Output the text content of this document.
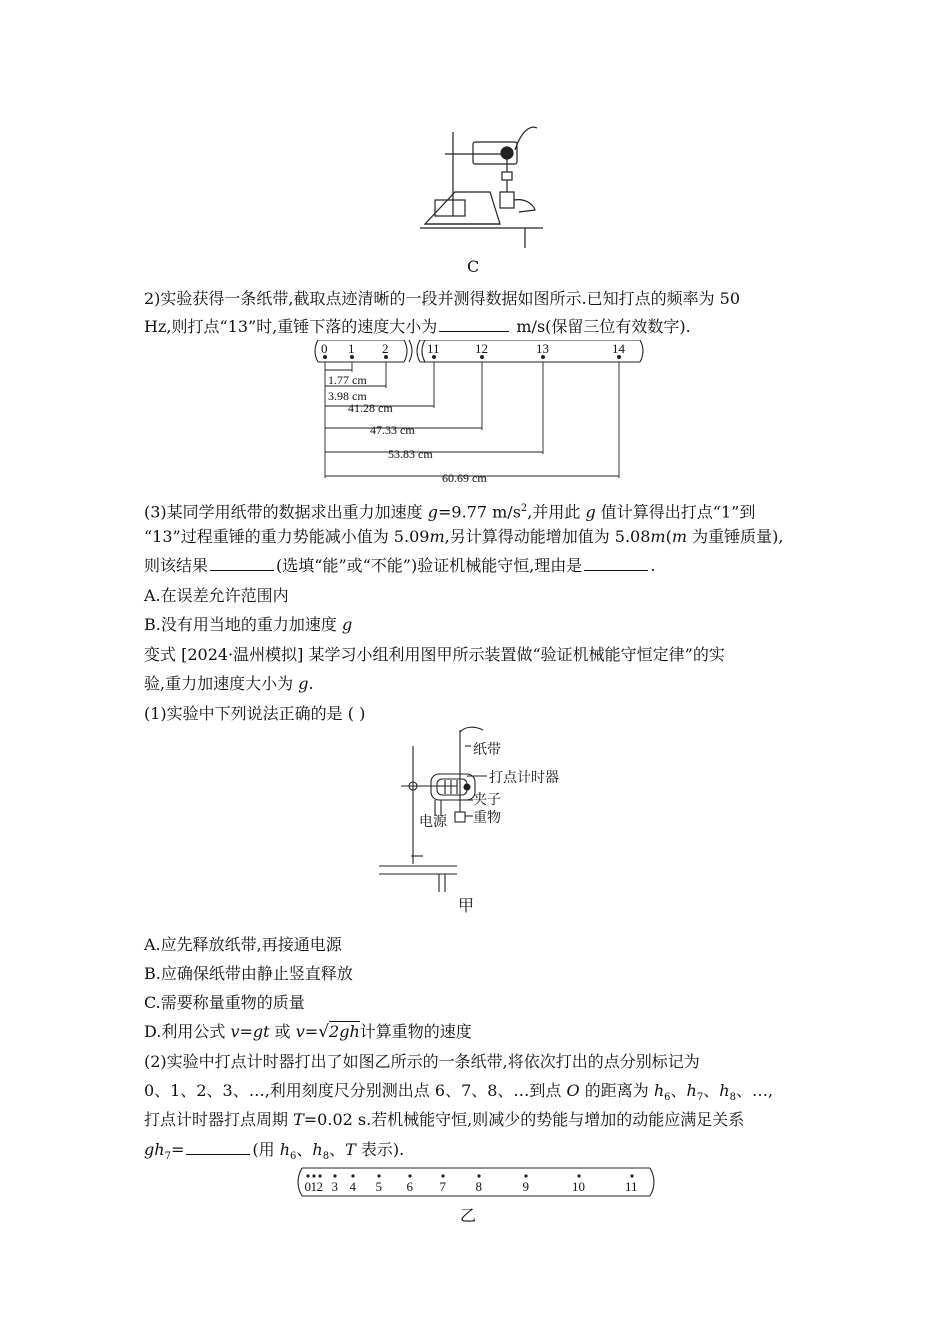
C
2)实验获得一条纸带,截取点迹清晰的一段并测得数据如图所示.已知打点的频率为 50
Hz,则打点“13”时,重锤下落的速度大小为	m/s(保留三位有效数字).
0 1 2	11	12	13	14
1.77 cm
3.98 cm
41.28 cm
47.33 cm
53.83 cm
60.69 cm
(3)某同学用纸带的数据求出重力加速度 g=9.77 $m/s^2$,并用此 g 值计算得出打点“1”到
“13”过程重锤的重力势能减小值为 5.09m,另计算得动能增加值为 5.08m(m 为重锤质量),
则该结果	(选填“能”或“不能”)验证机械能守恒,理由是	.
A.在误差允许范围内
B.没有用当地的重力加速度 g
变式 [2024·温州模拟] 某学习小组利用图甲所示装置做“验证机械能守恒定律”的实
验,重力加速度大小为 g.
(1)实验中下列说法正确的是 ( )
纸带
打点计时器
夹子
重物
电源
甲
A.应先释放纸带,再接通电源
B.应确保纸带由静止竖直释放
C.需要称量重物的质量
D.利用公式 v=gt 或 v=√2gh计算重物的速度
(2)实验中打点计时器打出了如图乙所示的一条纸带,将依次打出的点分别标记为
0、1、2、3、…,利用刻度尺分别测出点 6、7、8、…到点 O 的距离为 $h_6$、$h_7$、$h_8$、…,
打点计时器打点周期 T=0.02 s.若机械能守恒,则减少的势能与增加的动能应满足关系
$gh_7=$	(用 $h_6$、$h_8$、T 表示).
0 1 2 3 4 5 6 7 8	9	10	11
乙
